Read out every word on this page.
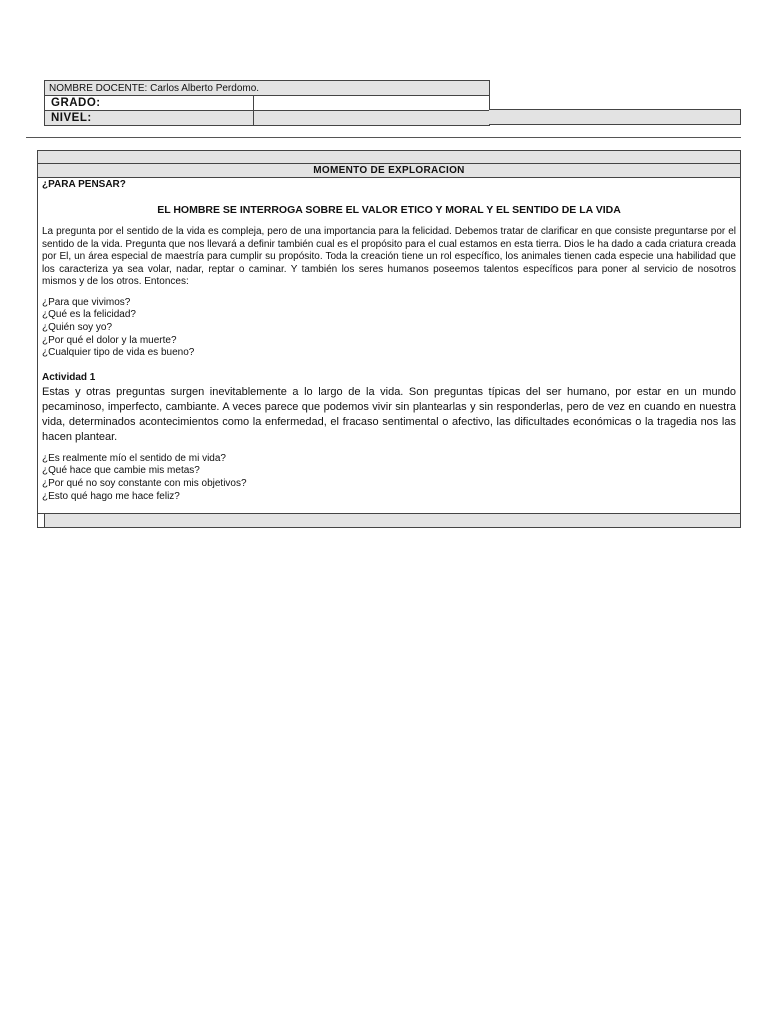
NOMBRE DOCENTE: Carlos Alberto Perdomo.	
GRADO:	
NIVEL:	
MOMENTO DE EXPLORACION
¿PARA PENSAR?
EL HOMBRE SE INTERROGA SOBRE EL VALOR ETICO Y MORAL Y EL SENTIDO DE LA VIDA

La pregunta por el sentido de la vida es compleja, pero de una importancia para la felicidad. Debemos tratar de clarificar en que consiste preguntarse por el sentido de la vida. Pregunta que nos llevará a definir también cual es el propósito para el cual estamos en esta tierra. Dios le ha dado a cada criatura creada por El, un área especial de maestría para cumplir su propósito. Toda la creación tiene un rol específico, los animales tienen cada especie una habilidad que los caracteriza ya sea volar, nadar, reptar o caminar. Y también los seres humanos poseemos talentos específicos para poner al servicio de nosotros mismos y de los otros. Entonces:

¿Para que vivimos?
¿Qué es la felicidad?
¿Quién soy yo?
¿Por qué el dolor y la muerte?
¿Cualquier tipo de vida es bueno?
Actividad 1

Estas y otras preguntas surgen inevitablemente a lo largo de la vida. Son preguntas típicas del ser humano, por estar en un mundo pecaminoso, imperfecto, cambiante. A veces parece que podemos vivir sin plantearlas y sin responderlas, pero de vez en cuando en nuestra vida, determinados acontecimientos como la enfermedad, el fracaso sentimental o afectivo, las dificultades económicas o la tragedia nos las hacen plantear.

¿Es realmente mío el sentido de mi vida?
¿Qué hace que cambie mis metas?
¿Por qué no soy constante con mis objetivos?
¿Esto qué hago me hace feliz?
